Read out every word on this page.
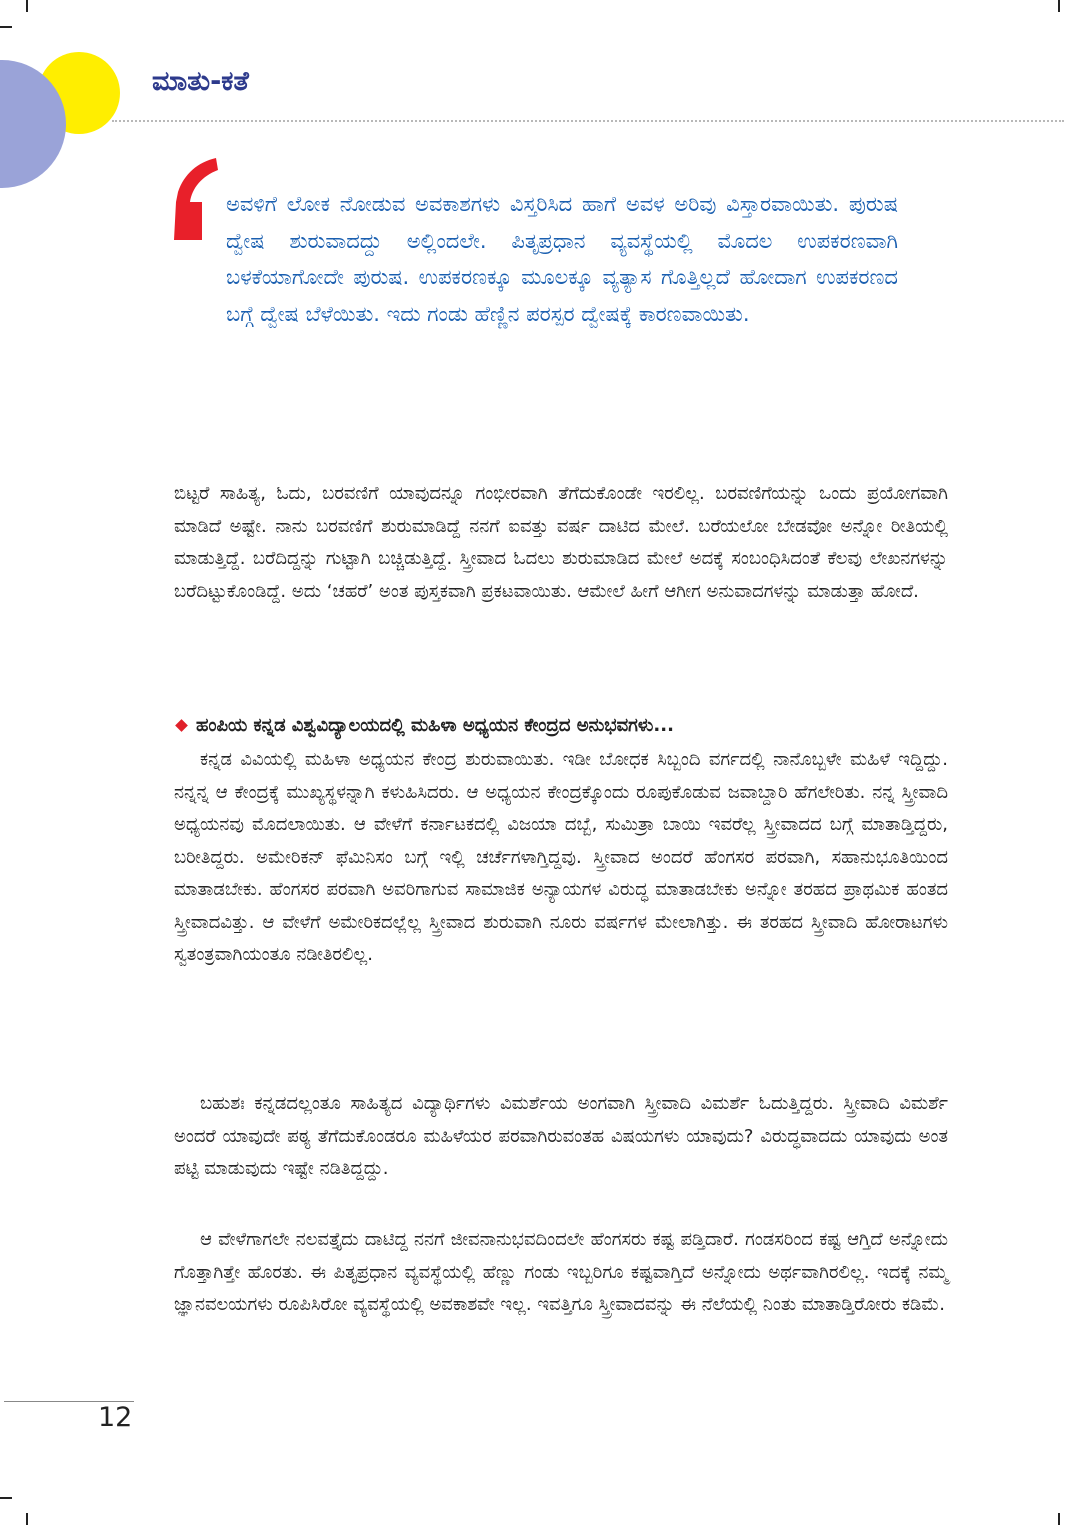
ಮಾತು-ಕತೆ

ಅವಳಿಗೆ ಲೋಕ ನೋಡುವ ಅವಕಾಶಗಳು ವಿಸ್ತರಿಸಿದ ಹಾಗೆ ಅವಳ ಅರಿವು ವಿಸ್ತಾರವಾಯಿತು. ಪುರುಷ ದ್ವೇಷ ಶುರುವಾದದ್ದು ಅಲ್ಲಿಂದಲೇ. ಪಿತೃಪ್ರಧಾನ ವ್ಯವಸ್ಥೆಯಲ್ಲಿ ಮೊದಲ ಉಪಕರಣವಾಗಿ ಬಳಕೆಯಾಗೋದೇ ಪುರುಷ. ಉಪಕರಣಕ್ಕೂ ಮೂಲಕ್ಕೂ ವ್ಯತ್ಯಾಸ ಗೊತ್ತಿಲ್ಲದೆ ಹೋದಾಗ ಉಪಕರಣದ ಬಗ್ಗೆ ದ್ವೇಷ ಬೆಳೆಯಿತು. ಇದು ಗಂಡು ಹೆಣ್ಣಿನ ಪರಸ್ಪರ ದ್ವೇಷಕ್ಕೆ ಕಾರಣವಾಯಿತು.

ಬಿಟ್ಟರೆ ಸಾಹಿತ್ಯ, ಓದು, ಬರವಣಿಗೆ ಯಾವುದನ್ನೂ ಗಂಭೀರವಾಗಿ ತೆಗೆದುಕೊಂಡೇ ಇರಲಿಲ್ಲ. ಬರವಣಿಗೆಯನ್ನು ಒಂದು ಪ್ರಯೋಗವಾಗಿ ಮಾಡಿದೆ ಅಷ್ಟೇ. ನಾನು ಬರವಣಿಗೆ ಶುರುಮಾಡಿದ್ದೆ ನನಗೆ ಐವತ್ತು ವರ್ಷ ದಾಟಿದ ಮೇಲೆ. ಬರೆಯಲೋ ಬೇಡವೋ ಅನ್ನೋ ರೀತಿಯಲ್ಲಿ ಮಾಡುತ್ತಿದ್ದೆ. ಬರೆದಿದ್ದನ್ನು ಗುಟ್ಟಾಗಿ ಬಚ್ಚಿಡುತ್ತಿದ್ದೆ. ಸ್ತ್ರೀವಾದ ಓದಲು ಶುರುಮಾಡಿದ ಮೇಲೆ ಅದಕ್ಕೆ ಸಂಬಂಧಿಸಿದಂತೆ ಕೆಲವು ಲೇಖನಗಳನ್ನು ಬರೆದಿಟ್ಟುಕೊಂಡಿದ್ದೆ. ಅದು ‘ಚಹರೆ’ ಅಂತ ಪುಸ್ತಕವಾಗಿ ಪ್ರಕಟವಾಯಿತು. ಆಮೇಲೆ ಹೀಗೆ ಆಗೀಗ ಅನುವಾದಗಳನ್ನು ಮಾಡುತ್ತಾ ಹೋದೆ.

ಹಂಪಿಯ ಕನ್ನಡ ವಿಶ್ವವಿದ್ಯಾಲಯದಲ್ಲಿ ಮಹಿಳಾ ಅಧ್ಯಯನ ಕೇಂದ್ರದ ಅನುಭವಗಳು...

ಕನ್ನಡ ವಿವಿಯಲ್ಲಿ ಮಹಿಳಾ ಅಧ್ಯಯನ ಕೇಂದ್ರ ಶುರುವಾಯಿತು. ಇಡೀ ಬೋಧಕ ಸಿಬ್ಬಂದಿ ವರ್ಗದಲ್ಲಿ ನಾನೊಬ್ಬಳೇ ಮಹಿಳೆ ಇದ್ದಿದ್ದು. ನನ್ನನ್ನ ಆ ಕೇಂದ್ರಕ್ಕೆ ಮುಖ್ಯಸ್ಥಳನ್ನಾಗಿ ಕಳುಹಿಸಿದರು. ಆ ಅಧ್ಯಯನ ಕೇಂದ್ರಕ್ಕೊಂದು ರೂಪುಕೊಡುವ ಜವಾಬ್ದಾರಿ ಹೆಗಲೇರಿತು. ನನ್ನ ಸ್ತ್ರೀವಾದಿ ಅಧ್ಯಯನವು ಮೊದಲಾಯಿತು. ಆ ವೇಳೆಗೆ ಕರ್ನಾಟಕದಲ್ಲಿ ವಿಜಯಾ ದಬ್ಬೆ, ಸುಮಿತ್ರಾ ಬಾಯಿ ಇವರೆಲ್ಲ ಸ್ತ್ರೀವಾದದ ಬಗ್ಗೆ ಮಾತಾಡ್ತಿದ್ದರು, ಬರೀತಿದ್ದರು. ಅಮೇರಿಕನ್ ಫೆಮಿನಿಸಂ ಬಗ್ಗೆ ಇಲ್ಲಿ ಚರ್ಚೆಗಳಾಗ್ತಿದ್ದವು. ಸ್ತ್ರೀವಾದ ಅಂದರೆ ಹೆಂಗಸರ ಪರವಾಗಿ, ಸಹಾನುಭೂತಿಯಿಂದ ಮಾತಾಡಬೇಕು. ಹೆಂಗಸರ ಪರವಾಗಿ ಅವರಿಗಾಗುವ ಸಾಮಾಜಿಕ ಅನ್ಯಾಯಗಳ ವಿರುದ್ಧ ಮಾತಾಡಬೇಕು ಅನ್ನೋ ತರಹದ ಪ್ರಾಥಮಿಕ ಹಂತದ ಸ್ತ್ರೀವಾದವಿತ್ತು. ಆ ವೇಳೆಗೆ ಅಮೇರಿಕದಲ್ಲೆಲ್ಲ ಸ್ತ್ರೀವಾದ ಶುರುವಾಗಿ ನೂರು ವರ್ಷಗಳ ಮೇಲಾಗಿತ್ತು. ಈ ತರಹದ ಸ್ತ್ರೀವಾದಿ ಹೋರಾಟಗಳು ಸ್ವತಂತ್ರವಾಗಿಯಂತೂ ನಡೀತಿರಲಿಲ್ಲ.

ಬಹುಶಃ ಕನ್ನಡದಲ್ಲಂತೂ ಸಾಹಿತ್ಯದ ವಿದ್ಯಾರ್ಥಿಗಳು ವಿಮರ್ಶೆಯ ಅಂಗವಾಗಿ ಸ್ತ್ರೀವಾದಿ ವಿಮರ್ಶೆ ಓದುತ್ತಿದ್ದರು. ಸ್ತ್ರೀವಾದಿ ವಿಮರ್ಶೆ ಅಂದರೆ ಯಾವುದೇ ಪಠ್ಯ ತೆಗೆದುಕೊಂಡರೂ ಮಹಿಳೆಯರ ಪರವಾಗಿರುವಂತಹ ವಿಷಯಗಳು ಯಾವುದು? ವಿರುದ್ಧವಾದದು ಯಾವುದು ಅಂತ ಪಟ್ಟಿ ಮಾಡುವುದು ಇಷ್ಟೇ ನಡಿತಿದ್ದದ್ದು.

ಆ ವೇಳೆಗಾಗಲೇ ನಲವತ್ತೈದು ದಾಟಿದ್ದ ನನಗೆ ಜೀವನಾನುಭವದಿಂದಲೇ ಹೆಂಗಸರು ಕಷ್ಟ ಪಡ್ತಿದಾರೆ. ಗಂಡಸರಿಂದ ಕಷ್ಟ ಆಗ್ತಿದೆ ಅನ್ನೋದು ಗೊತ್ತಾಗಿತ್ತೇ ಹೊರತು. ಈ ಪಿತೃಪ್ರಧಾನ ವ್ಯವಸ್ಥೆಯಲ್ಲಿ ಹೆಣ್ಣು ಗಂಡು ಇಬ್ಬರಿಗೂ ಕಷ್ಟವಾಗ್ತಿದೆ ಅನ್ನೋದು ಅರ್ಥವಾಗಿರಲಿಲ್ಲ. ಇದಕ್ಕೆ ನಮ್ಮ ಜ್ಞಾನವಲಯಗಳು ರೂಪಿಸಿರೋ ವ್ಯವಸ್ಥೆಯಲ್ಲಿ ಅವಕಾಶವೇ ಇಲ್ಲ. ಇವತ್ತಿಗೂ ಸ್ತ್ರೀವಾದವನ್ನು ಈ ನೆಲೆಯಲ್ಲಿ ನಿಂತು ಮಾತಾಡ್ತಿರೋರು ಕಡಿಮೆ.

12
